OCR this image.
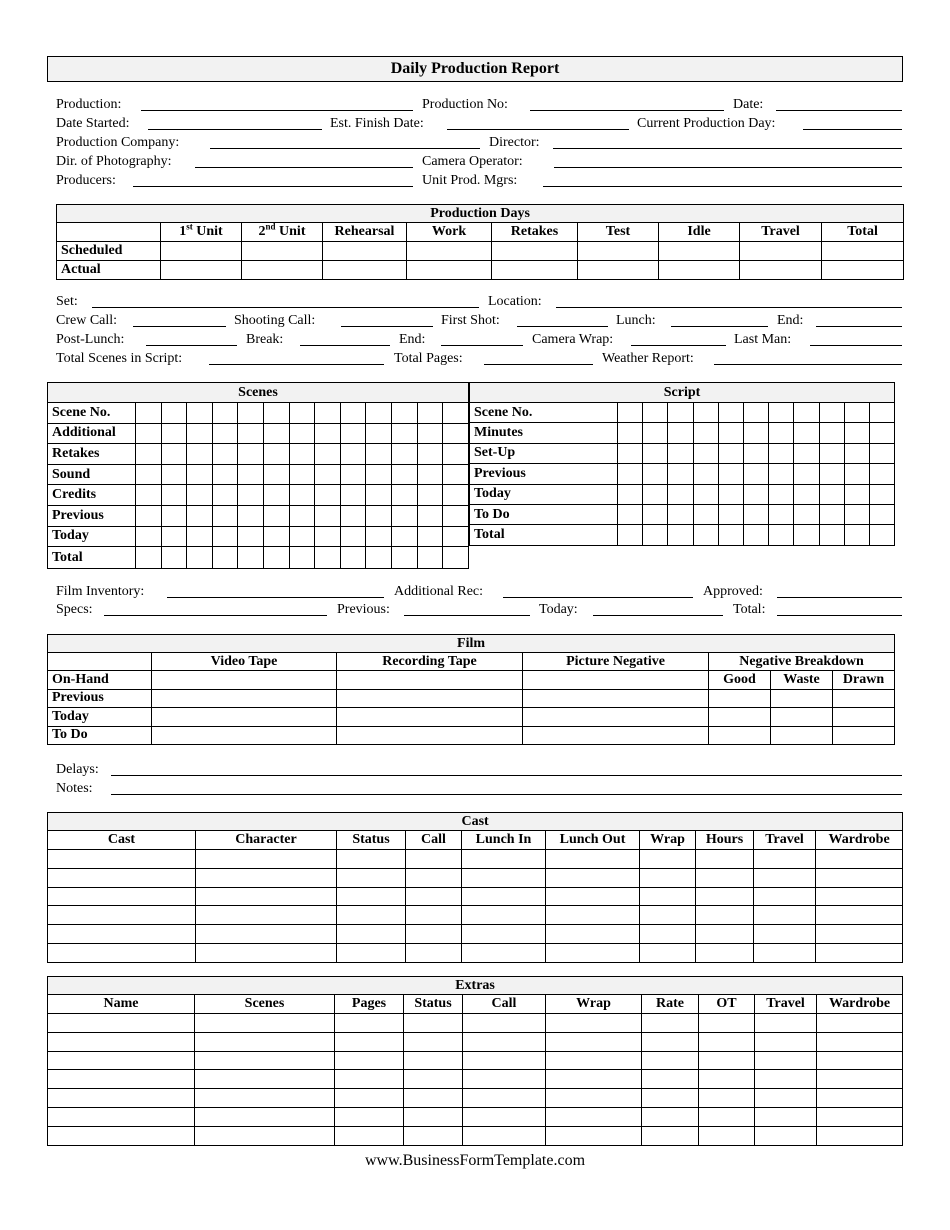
Daily Production Report
Production:	Production No:	Date:
Date Started:	Est. Finish Date:	Current Production Day:
Production Company:	Director:
Dir. of Photography:	Camera Operator:
Producers:	Unit Prod. Mgrs:
Production Days									
	1st Unit	2nd Unit	Rehearsal	Work	Retakes	Test	Idle	Travel	Total
Scheduled									
Actual									
Set:	Location:
Crew Call:	Shooting Call:	First Shot:	Lunch:	End:
Post-Lunch:	Break:	End:	Camera Wrap:	Last Man:
Total Scenes in Script:	Total Pages:	Weather Report:
Scenes													
Scene No.													
Additional													
Retakes													
Sound													
Credits													
Previous													
Today													
Total													
Script											
Scene No.											
Minutes											
Set-Up											
Previous											
Today											
To Do											
Total											
Film Inventory:	Additional Rec:	Approved:
Specs:	Previous:	Today:	Total:
Film						
	Video Tape	Recording Tape	Picture Negative	Negative Breakdown		
On-Hand				Good	Waste	Drawn
Previous						
Today						
To Do						
Delays:
Notes:
Cast									
Cast	Character	Status	Call	Lunch In	Lunch Out	Wrap	Hours	Travel	Wardrobe

Extras									
Name	Scenes	Pages	Status	Call	Wrap	Rate	OT	Travel	Wardrobe

www.BusinessFormTemplate.com
